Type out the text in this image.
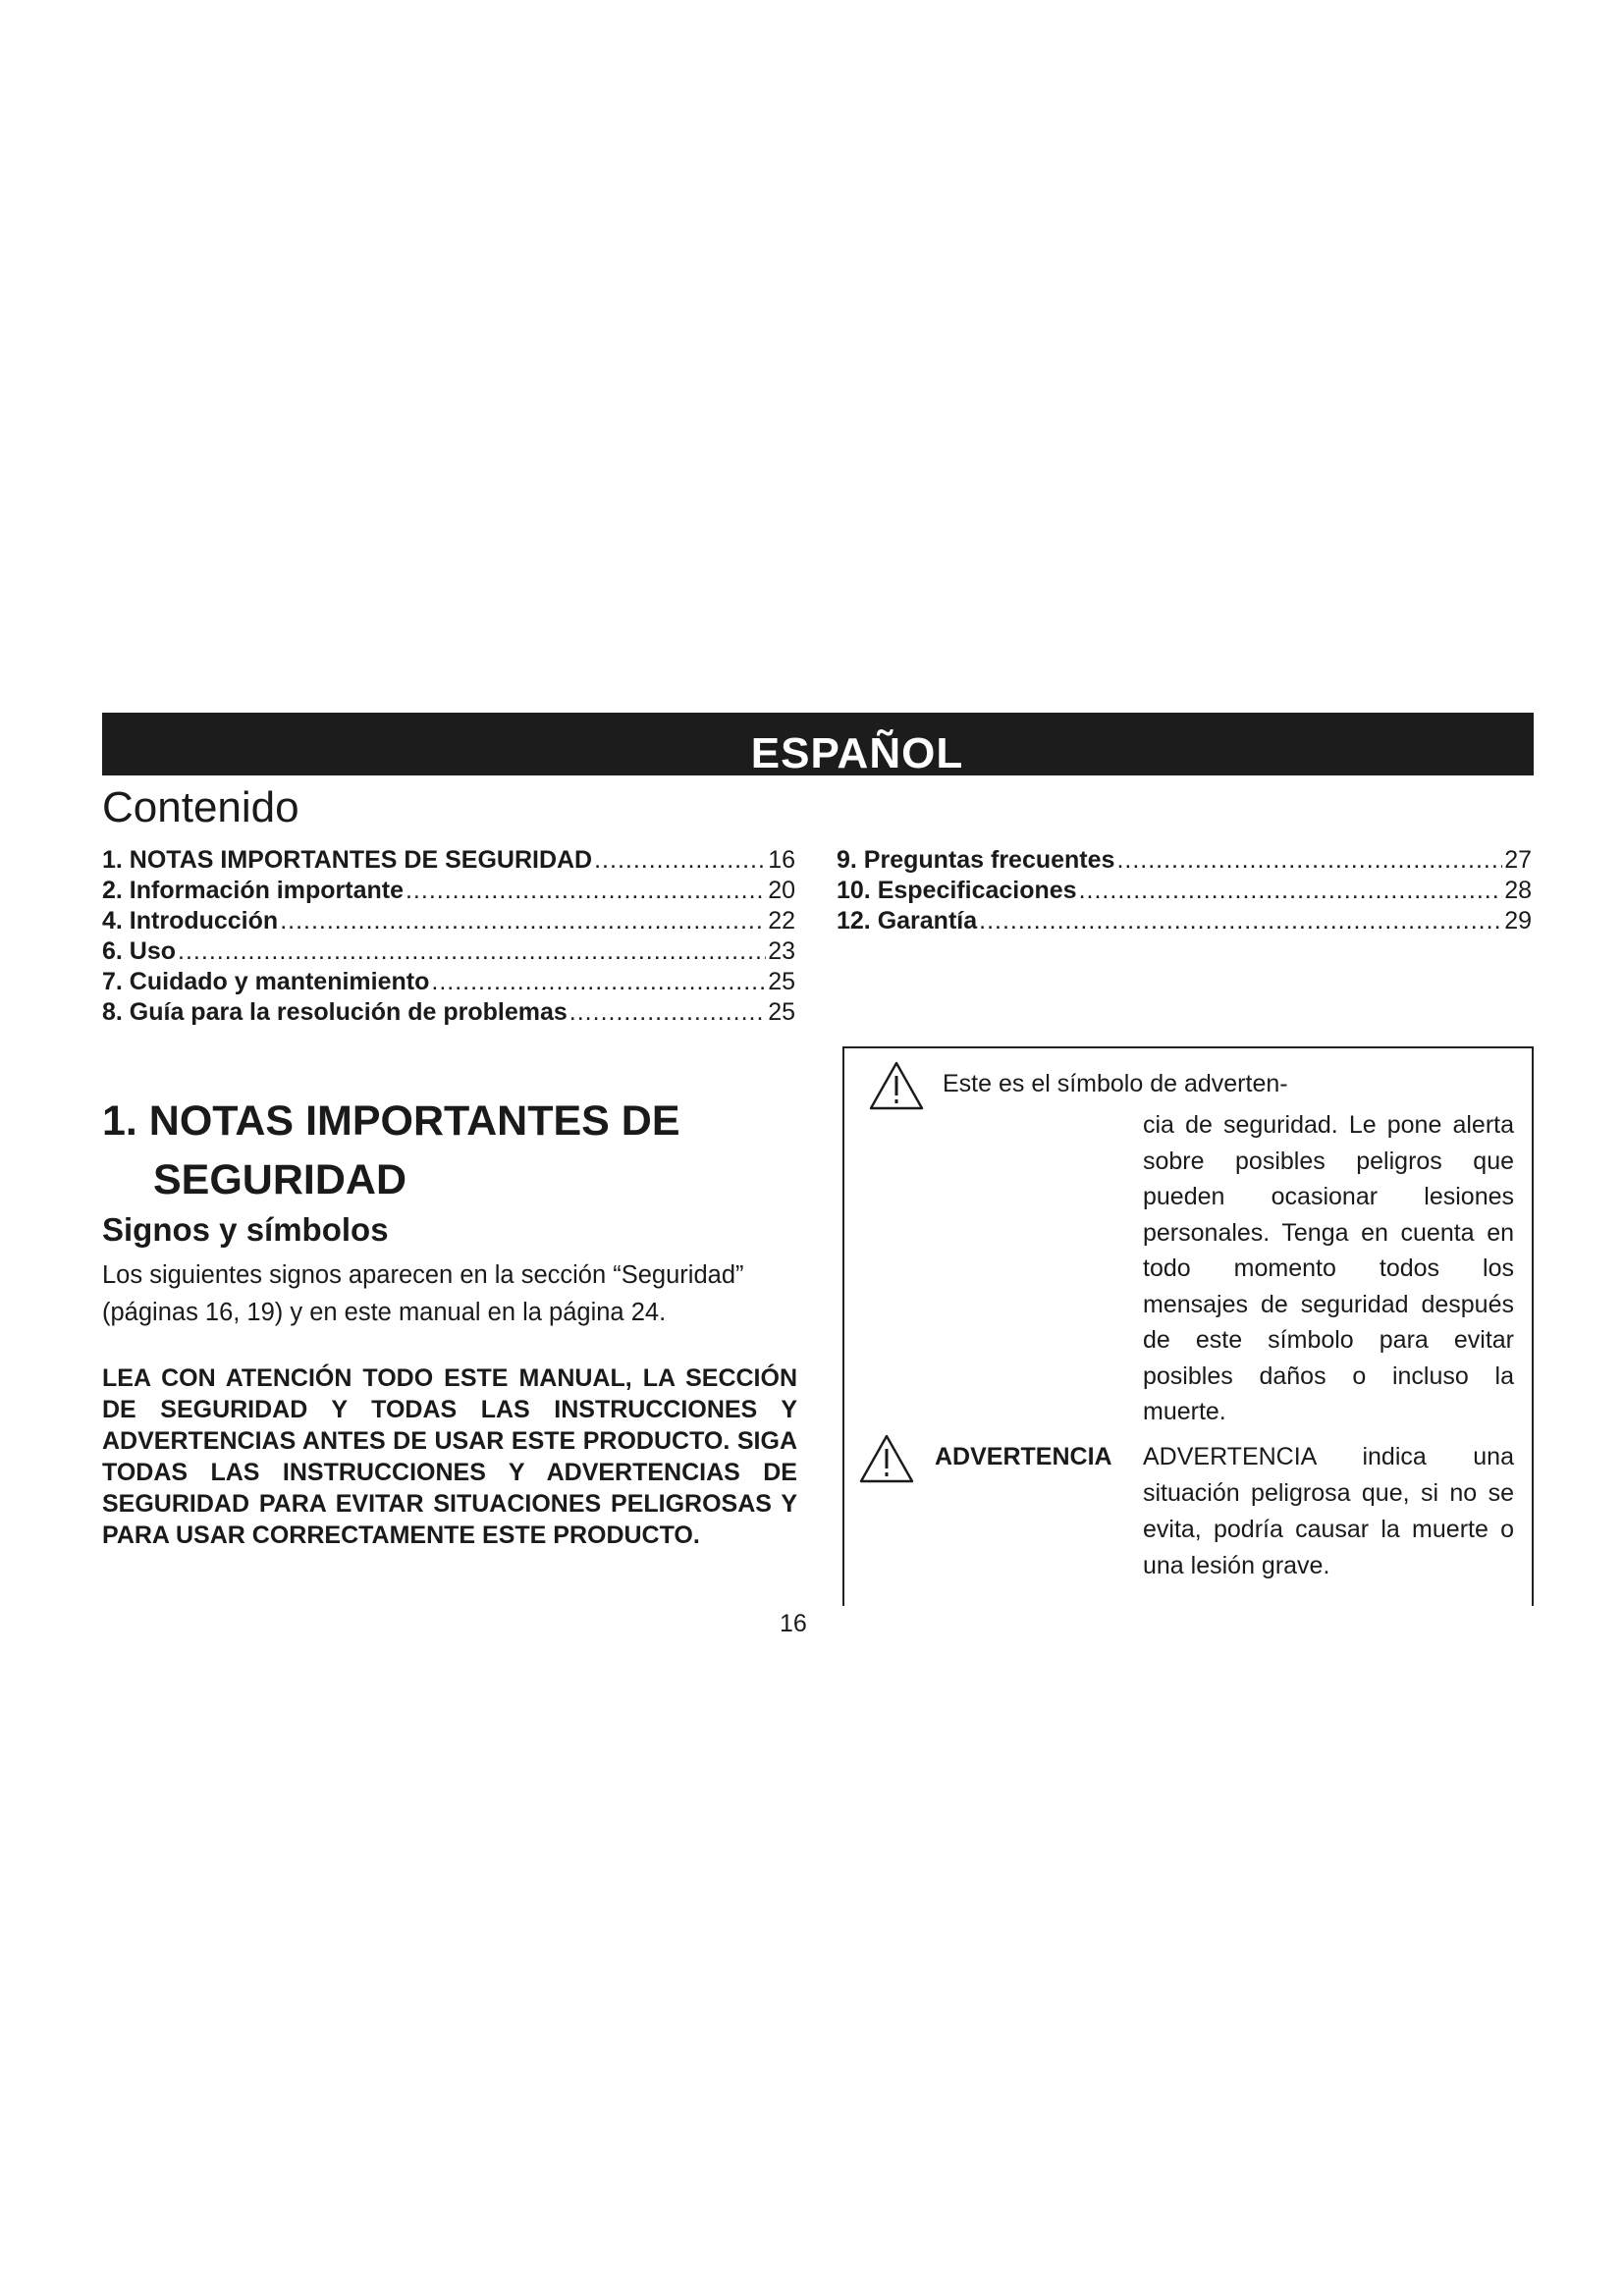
ESPAÑOL
Contenido
1. NOTAS IMPORTANTES DE SEGURIDAD .....	16
2. Información importante .....	20
4. Introducción .....	22
6. Uso .....	23
7. Cuidado y mantenimiento .....	25
8. Guía para la resolución de problemas .....	25
9. Preguntas frecuentes .....	27
10. Especificaciones .....	28
12. Garantía .....	29
1. NOTAS IMPORTANTES DE
SEGURIDAD
Signos y símbolos

Los siguientes signos aparecen en la sección “Seguridad” (páginas 16, 19) y en este manual en la página 24.

LEA CON ATENCIÓN TODO ESTE MANUAL, LA SECCIÓN DE SEGURIDAD Y TODAS LAS INSTRUCCIONES Y ADVERTENCIAS ANTES DE USAR ESTE PRODUCTO. SIGA TODAS LAS INSTRUCCIONES Y ADVERTENCIAS DE SEGURIDAD PARA EVITAR SITUACIONES PELIGROSAS Y PARA USAR CORRECTAMENTE ESTE PRODUCTO.

Este es el símbolo de adverten-

cia de seguridad. Le pone alerta sobre posibles peligros que pueden ocasionar lesiones personales. Tenga en cuenta en todo momento todos los mensajes de seguridad después de este símbolo para evitar posibles daños o incluso la muerte.

ADVERTENCIA ADVERTENCIA indica una situación peligrosa que, si no se evita, podría causar la muerte o una lesión grave.

16
